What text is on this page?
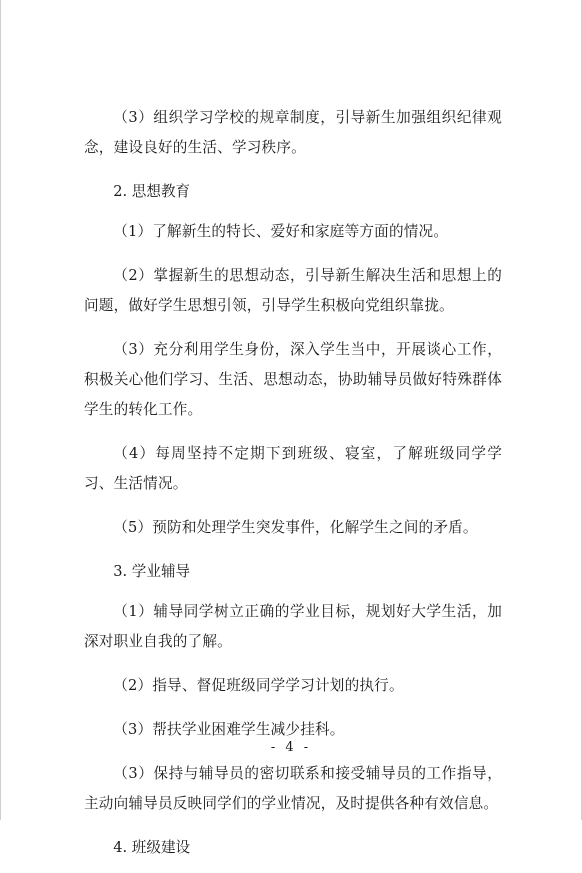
（3）组织学习学校的规章制度，引导新生加强组织纪律观念，建设良好的生活、学习秩序。

2. 思想教育

（1）了解新生的特长、爱好和家庭等方面的情况。

（2）掌握新生的思想动态，引导新生解决生活和思想上的问题，做好学生思想引领，引导学生积极向党组织靠拢。

（3）充分利用学生身份，深入学生当中，开展谈心工作，积极关心他们学习、生活、思想动态，协助辅导员做好特殊群体学生的转化工作。

（4）每周坚持不定期下到班级、寝室，了解班级同学学习、生活情况。

（5）预防和处理学生突发事件，化解学生之间的矛盾。

3. 学业辅导

（1）辅导同学树立正确的学业目标，规划好大学生活，加深对职业自我的了解。

（2）指导、督促班级同学学习计划的执行。

（3）帮扶学业困难学生减少挂科。

（3）保持与辅导员的密切联系和接受辅导员的工作指导，主动向辅导员反映同学们的学业情况，及时提供各种有效信息。

4. 班级建设

- 4 -
